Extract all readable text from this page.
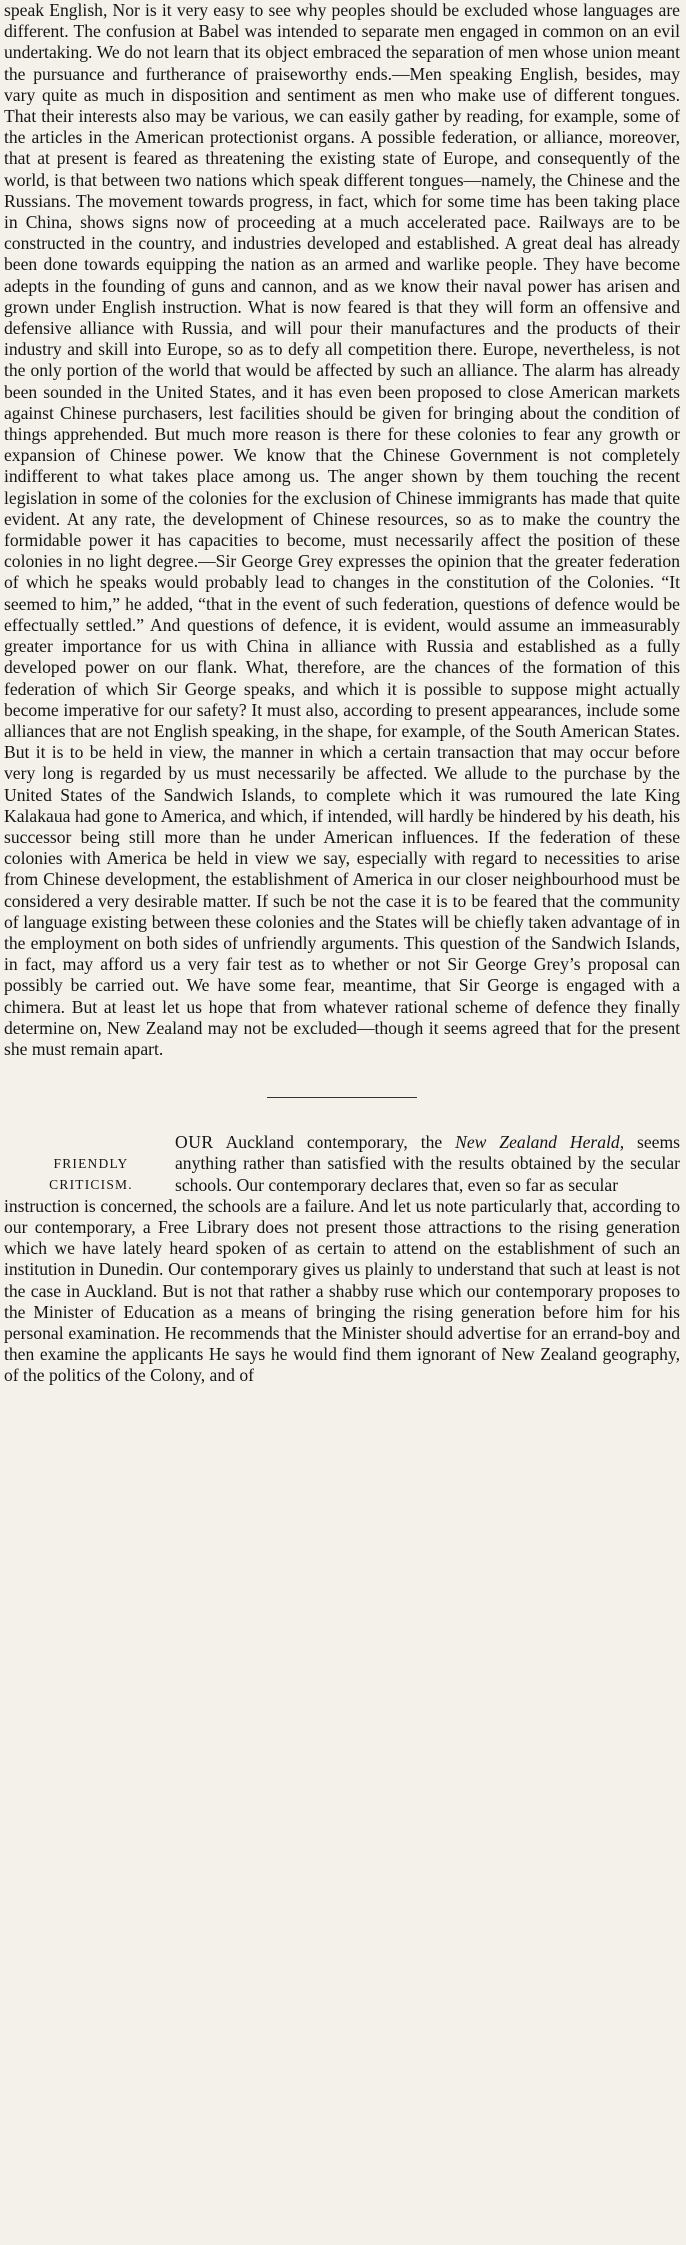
speak English, Nor is it very easy to see why peoples should be excluded whose languages are different. The confusion at Babel was intended to separate men engaged in common on an evil undertaking. We do not learn that its object embraced the separation of men whose union meant the pursuance and furtherance of praiseworthy ends.—Men speaking English, besides, may vary quite as much in disposition and sentiment as men who make use of different tongues. That their interests also may be various, we can easily gather by reading, for example, some of the articles in the American protectionist organs. A possible federation, or alliance, moreover, that at present is feared as threatening the existing state of Europe, and consequently of the world, is that between two nations which speak different tongues—namely, the Chinese and the Russians. The movement towards progress, in fact, which for some time has been taking place in China, shows signs now of proceeding at a much accelerated pace. Railways are to be constructed in the country, and industries developed and established. A great deal has already been done towards equipping the nation as an armed and warlike people. They have become adepts in the founding of guns and cannon, and as we know their naval power has arisen and grown under English instruction. What is now feared is that they will form an offensive and defensive alliance with Russia, and will pour their manufactures and the products of their industry and skill into Europe, so as to defy all competition there. Europe, nevertheless, is not the only portion of the world that would be affected by such an alliance. The alarm has already been sounded in the United States, and it has even been proposed to close American markets against Chinese purchasers, lest facilities should be given for bringing about the condition of things apprehended. But much more reason is there for these colonies to fear any growth or expansion of Chinese power. We know that the Chinese Government is not completely indifferent to what takes place among us. The anger shown by them touching the recent legislation in some of the colonies for the exclusion of Chinese immigrants has made that quite evident. At any rate, the development of Chinese resources, so as to make the country the formidable power it has capacities to become, must necessarily affect the position of these colonies in no light degree.—Sir George Grey expresses the opinion that the greater federation of which he speaks would probably lead to changes in the constitution of the Colonies. “It seemed to him,” he added, “that in the event of such federation, questions of defence would be effectually settled.” And questions of defence, it is evident, would assume an immeasurably greater importance for us with China in alliance with Russia and established as a fully developed power on our flank. What, therefore, are the chances of the formation of this federation of which Sir George speaks, and which it is possible to suppose might actually become imperative for our safety? It must also, according to present appearances, include some alliances that are not English speaking, in the shape, for example, of the South American States. But it is to be held in view, the manner in which a certain transaction that may occur before very long is regarded by us must necessarily be affected. We allude to the purchase by the United States of the Sandwich Islands, to complete which it was rumoured the late King Kalakaua had gone to America, and which, if intended, will hardly be hindered by his death, his successor being still more than he under American influences. If the federation of these colonies with America be held in view we say, especially with regard to necessities to arise from Chinese development, the establishment of America in our closer neighbourhood must be considered a very desirable matter. If such be not the case it is to be feared that the community of language existing between these colonies and the States will be chiefly taken advantage of in the employment on both sides of unfriendly arguments. This question of the Sandwich Islands, in fact, may afford us a very fair test as to whether or not Sir George Grey’s proposal can possibly be carried out. We have some fear, meantime, that Sir George is engaged with a chimera. But at least let us hope that from whatever rational scheme of defence they finally determine on, New Zealand may not be excluded—though it seems agreed that for the present she must remain apart.

FRIENDLY
CRITICISM.

OUR Auckland contemporary, the New Zealand Herald, seems anything rather than satisfied with the results obtained by the secular schools. Our contemporary declares that, even so far as secular

instruction is concerned, the schools are a failure. And let us note particularly that, according to our contemporary, a Free Library does not present those attractions to the rising generation which we have lately heard spoken of as certain to attend on the establishment of such an institution in Dunedin. Our contemporary gives us plainly to understand that such at least is not the case in Auckland. But is not that rather a shabby ruse which our contemporary proposes to the Minister of Education as a means of bringing the rising generation before him for his personal examination. He recommends that the Minister should advertise for an errand-boy and then examine the applicants He says he would find them ignorant of New Zealand geography, of the politics of the Colony, and of
